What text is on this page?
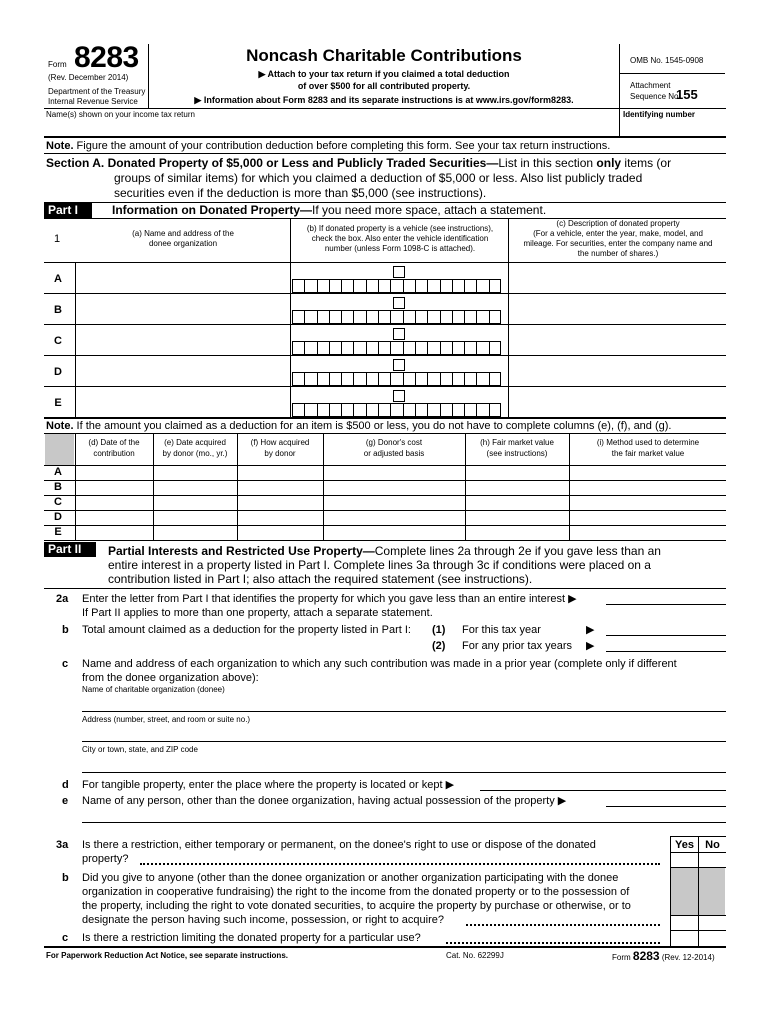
Form 8283
(Rev. December 2014)
Department of the Treasury
Internal Revenue Service
Noncash Charitable Contributions
▶ Attach to your tax return if you claimed a total deduction
of over $500 for all contributed property.
▶ Information about Form 8283 and its separate instructions is at www.irs.gov/form8283.
OMB No. 1545-0908
Attachment
Sequence No.
155
Name(s) shown on your income tax return	Identifying number
Note. Figure the amount of your contribution deduction before completing this form. See your tax return instructions.
Section A. Donated Property of $5,000 or Less and Publicly Traded Securities—List in this section only items (or
groups of similar items) for which you claimed a deduction of $5,000 or less. Also list publicly traded
securities even if the deduction is more than $5,000 (see instructions).
Part I	Information on Donated Property—If you need more space, attach a statement.
1	(a) Name and address of the
donee organization
(b) If donated property is a vehicle (see instructions),
check the box. Also enter the vehicle identification
number (unless Form 1098-C is attached).
(c) Description of donated property
(For a vehicle, enter the year, make, model, and
mileage. For securities, enter the company name and
the number of shares.)
A
B
C
D
E
Note. If the amount you claimed as a deduction for an item is $500 or less, you do not have to complete columns (e), (f), and (g).
(d) Date of the
contribution
(e) Date acquired
by donor (mo., yr.)
(f) How acquired
by donor
(g) Donor's cost
or adjusted basis
(h) Fair market value
(see instructions)
(i) Method used to determine
the fair market value
A
B
C
D
E
Part II	Partial Interests and Restricted Use Property—Complete lines 2a through 2e if you gave less than an
entire interest in a property listed in Part I. Complete lines 3a through 3c if conditions were placed on a
contribution listed in Part I; also attach the required statement (see instructions).
2a Enter the letter from Part I that identifies the property for which you gave less than an entire interest ▶
If Part II applies to more than one property, attach a separate statement.
b Total amount claimed as a deduction for the property listed in Part I: (1) For this tax year	▶
(2) For any prior tax years ▶
c Name and address of each organization to which any such contribution was made in a prior year (complete only if different
from the donee organization above):
Name of charitable organization (donee)
Address (number, street, and room or suite no.)
City or town, state, and ZIP code
d For tangible property, enter the place where the property is located or kept ▶
e Name of any person, other than the donee organization, having actual possession of the property ▶
Yes	No
3a Is there a restriction, either temporary or permanent, on the donee's right to use or dispose of the donated
property?
b Did you give to anyone (other than the donee organization or another organization participating with the donee
organization in cooperative fundraising) the right to the income from the donated property or to the possession of
the property, including the right to vote donated securities, to acquire the property by purchase or otherwise, or to
designate the person having such income, possession, or right to acquire?
c Is there a restriction limiting the donated property for a particular use?
For Paperwork Reduction Act Notice, see separate instructions.	Cat. No. 62299J	Form 8283 (Rev. 12-2014)
